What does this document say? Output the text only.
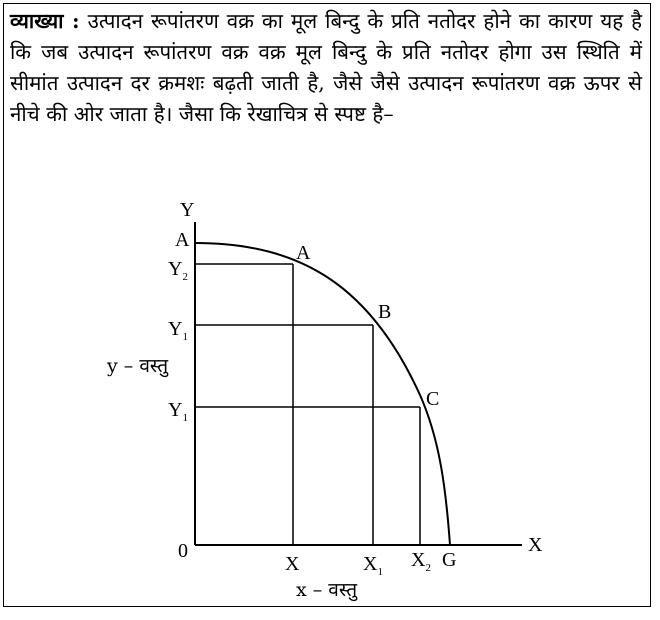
व्याख्या : उत्पादन रूपांतरण वक्र का मूल बिन्दु के प्रति नतोदर होने का कारण यह है कि जब उत्पादन रूपांतरण वक्र वक्र मूल बिन्दु के प्रति नतोदर होगा उस स्थिति में सीमांत उत्पादन दर क्रमशः बढ़ती जाती है, जैसे जैसे उत्पादन रूपांतरण वक्र ऊपर से नीचे की ओर जाता है। जैसा कि रेखाचित्र से स्पष्ट है–

Y
X
0
A
G
A
B
C
$Y_2$
$Y_1$
$Y_1$
X	$X_1$
$X_2$
y – वस्तु
x – वस्तु
